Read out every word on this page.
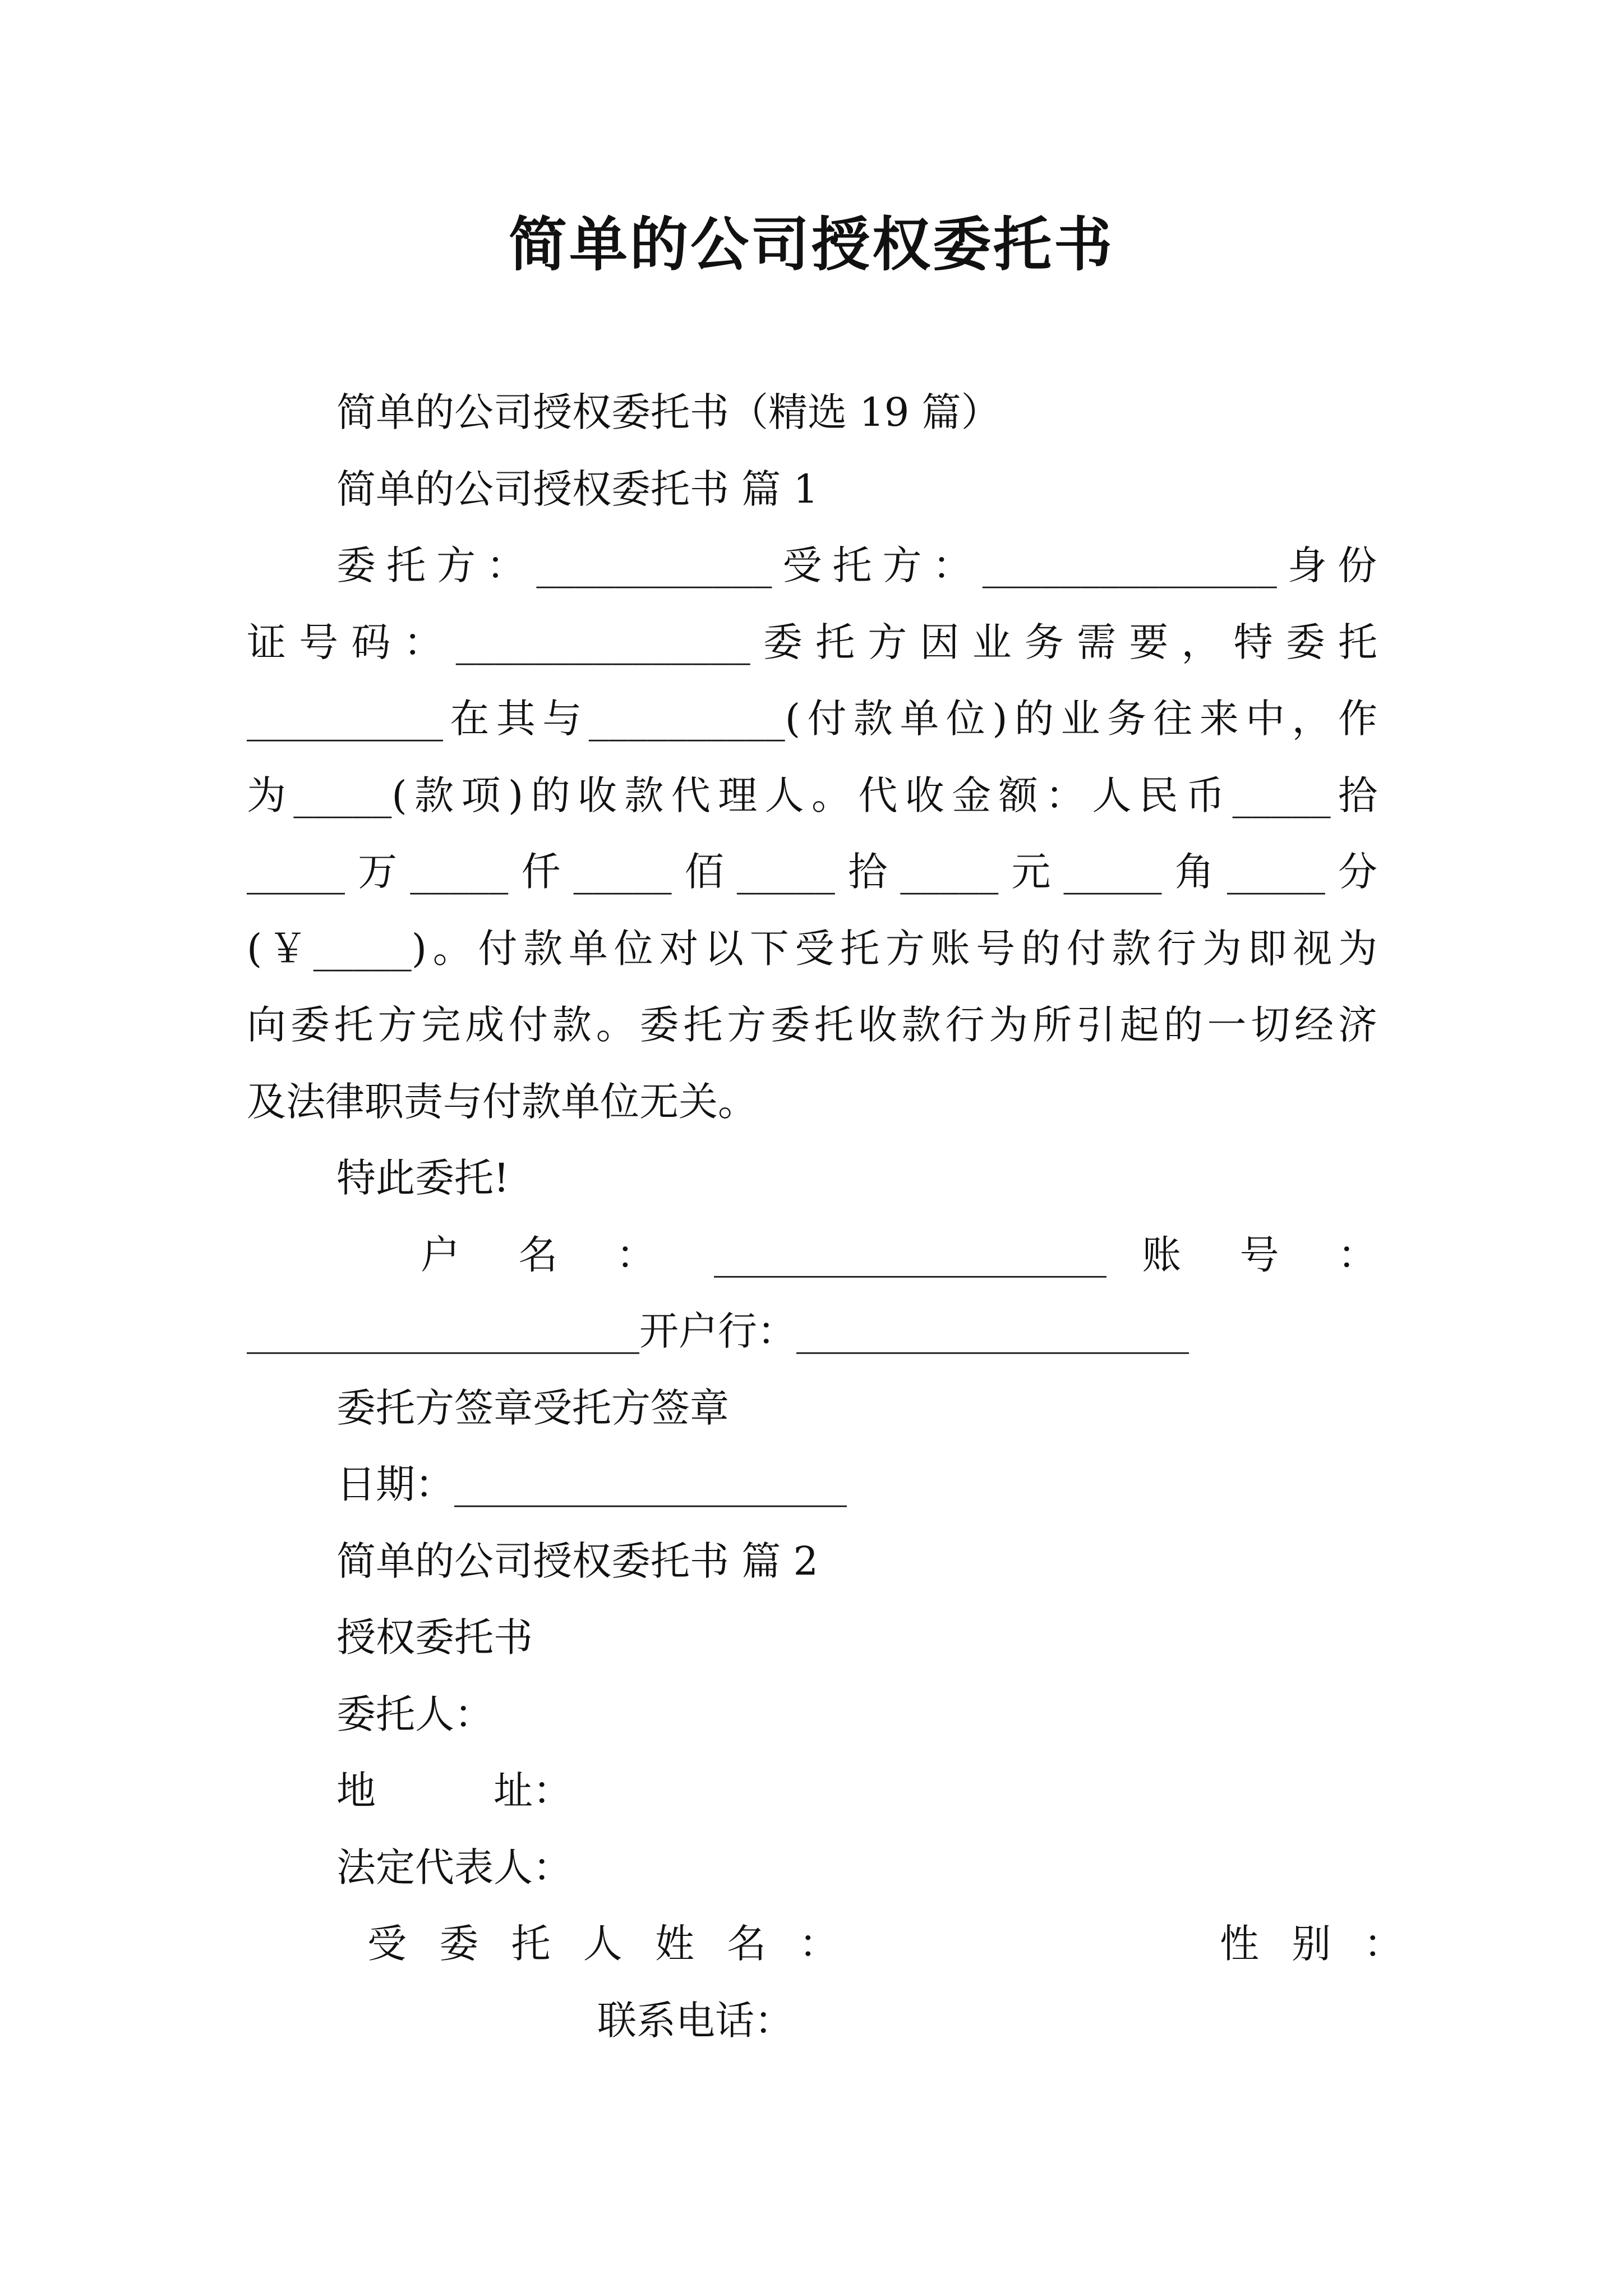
简单的公司授权委托书
简单的公司授权委托书（精选 19 篇）
简单的公司授权委托书 篇 1
委托方：____________受托方：_______________身份
证号码：_______________委托方因业务需要，特委托
__________在其与__________(付款单位)的业务往来中，作
为_____(款项)的收款代理人。代收金额：人民币_____拾
_____万_____仟_____佰_____拾_____元_____角_____分
(￥_____)。付款单位对以下受托方账号的付款行为即视为
向委托方完成付款。委托方委托收款行为所引起的一切经济
及法律职责与付款单位无关。
特此委托!
户 名 ： ____________________ 账 号 ：
____________________开户行：____________________
委托方签章受托方签章
日期：____________________
简单的公司授权委托书 篇 2
授权委托书
委托人：
地　　　址：
法定代表人：
受 委 托 人 姓 名 ：	性 别 ：
联系电话：
